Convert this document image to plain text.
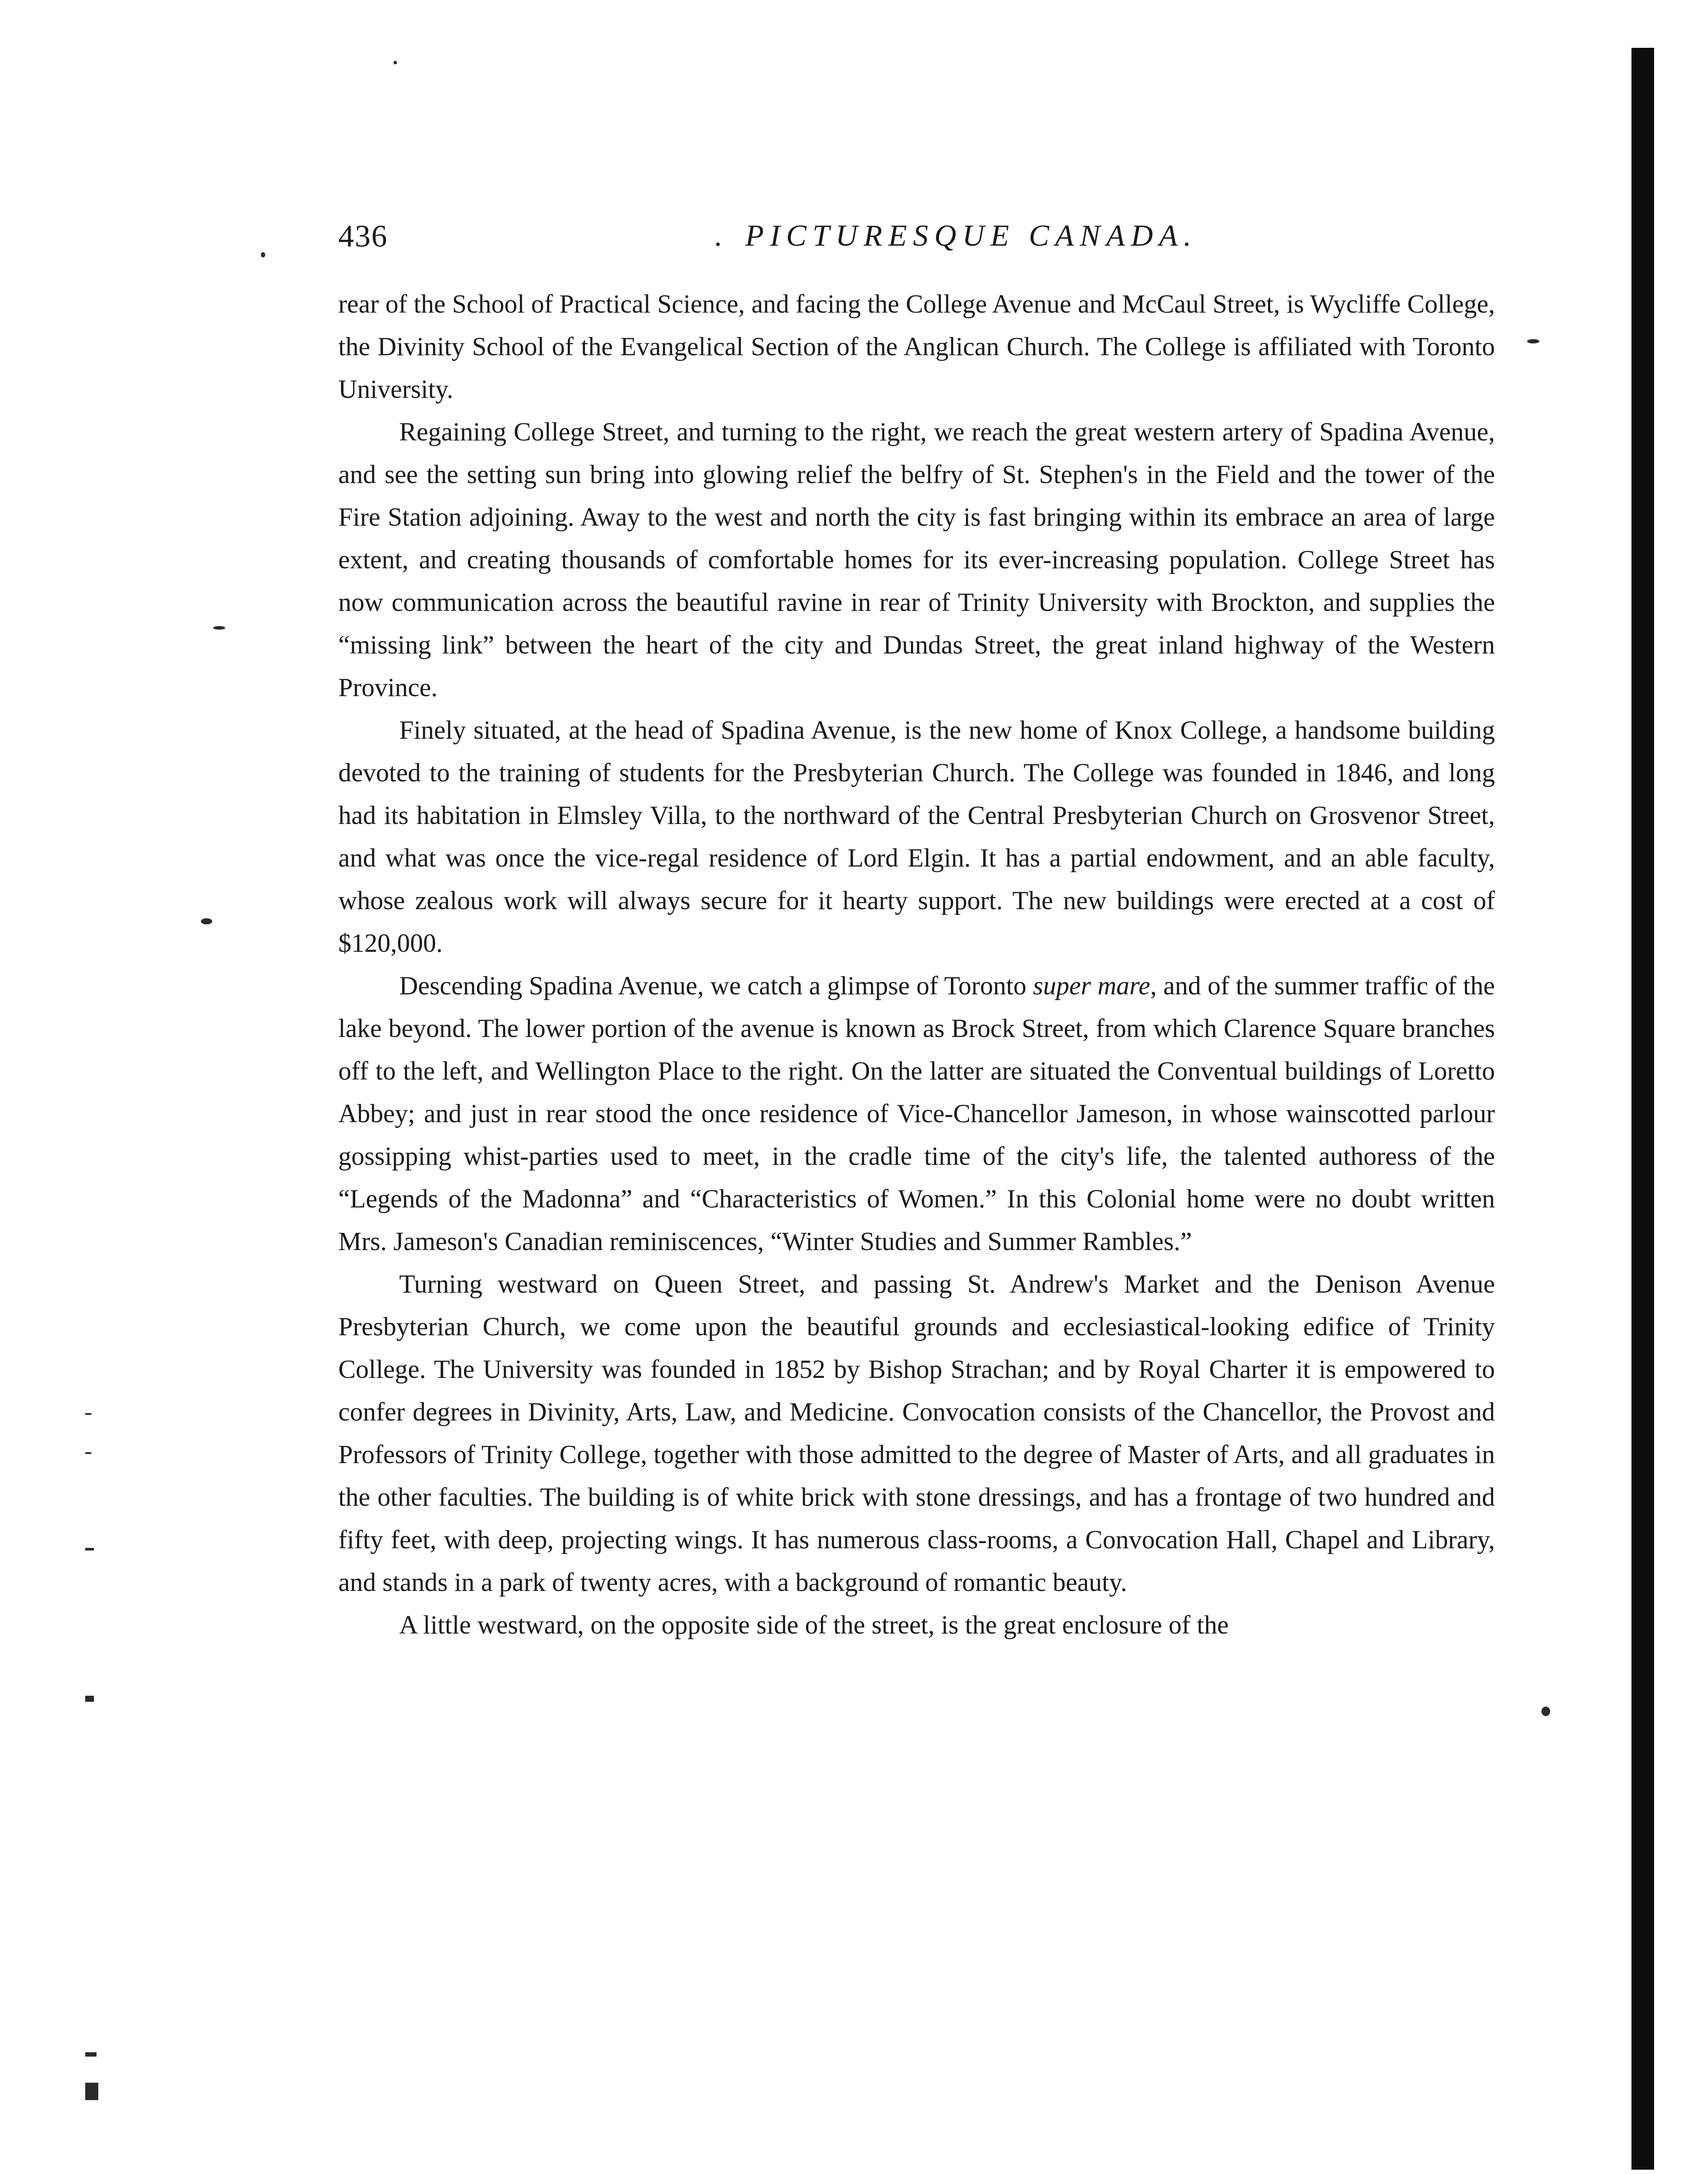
436	. PICTURESQUE CANADA.

rear of the School of Practical Science, and facing the College Avenue and McCaul Street, is Wycliffe College, the Divinity School of the Evangelical Section of the Anglican Church. The College is affiliated with Toronto University.

Regaining College Street, and turning to the right, we reach the great western artery of Spadina Avenue, and see the setting sun bring into glowing relief the belfry of St. Stephen's in the Field and the tower of the Fire Station adjoining. Away to the west and north the city is fast bringing within its embrace an area of large extent, and creating thousands of comfortable homes for its ever-increasing population. College Street has now communication across the beautiful ravine in rear of Trinity University with Brockton, and supplies the “missing link” between the heart of the city and Dundas Street, the great inland highway of the Western Province.

Finely situated, at the head of Spadina Avenue, is the new home of Knox College, a handsome building devoted to the training of students for the Presbyterian Church. The College was founded in 1846, and long had its habitation in Elmsley Villa, to the northward of the Central Presbyterian Church on Grosvenor Street, and what was once the vice-regal residence of Lord Elgin. It has a partial endowment, and an able faculty, whose zealous work will always secure for it hearty support. The new buildings were erected at a cost of $120,000.

Descending Spadina Avenue, we catch a glimpse of Toronto super mare, and of the summer traffic of the lake beyond. The lower portion of the avenue is known as Brock Street, from which Clarence Square branches off to the left, and Wellington Place to the right. On the latter are situated the Conventual buildings of Loretto Abbey; and just in rear stood the once residence of Vice-Chancellor Jameson, in whose wainscotted parlour gossipping whist-parties used to meet, in the cradle time of the city's life, the talented authoress of the “Legends of the Madonna” and “Characteristics of Women.” In this Colonial home were no doubt written Mrs. Jameson's Canadian reminiscences, “Winter Studies and Summer Rambles.”

Turning westward on Queen Street, and passing St. Andrew's Market and the Denison Avenue Presbyterian Church, we come upon the beautiful grounds and ecclesiastical-looking edifice of Trinity College. The University was founded in 1852 by Bishop Strachan; and by Royal Charter it is empowered to confer degrees in Divinity, Arts, Law, and Medicine. Convocation consists of the Chancellor, the Provost and Professors of Trinity College, together with those admitted to the degree of Master of Arts, and all graduates in the other faculties. The building is of white brick with stone dressings, and has a frontage of two hundred and fifty feet, with deep, projecting wings. It has numerous class-rooms, a Convocation Hall, Chapel and Library, and stands in a park of twenty acres, with a background of romantic beauty.

A little westward, on the opposite side of the street, is the great enclosure of the
